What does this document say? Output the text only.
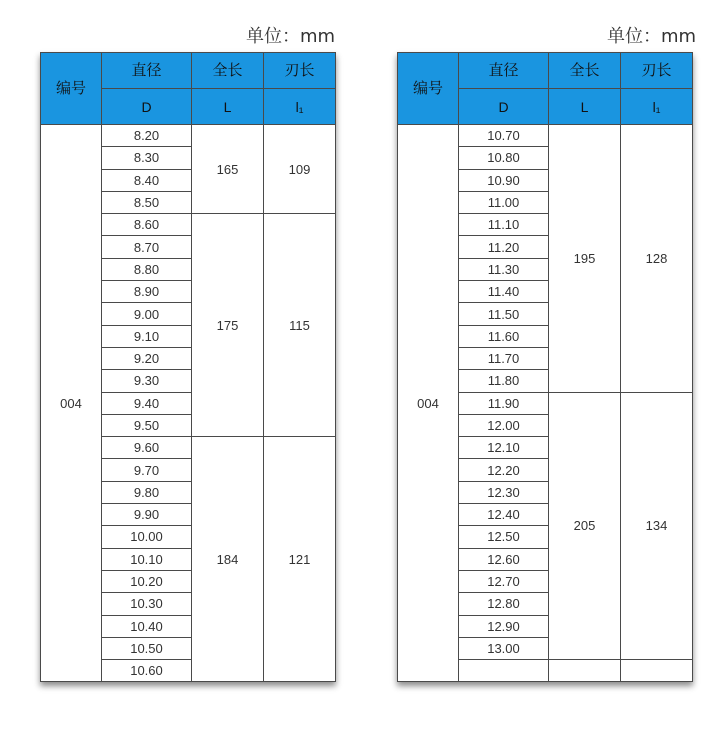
单位：mm	单位：mm
编号	直径	全长	刃长
	D	L	l₁
004	8.20	165	109
	8.30		
	8.40		
	8.50		
	8.60	175	115
	8.70		
	8.80		
	8.90		
	9.00		
	9.10		
	9.20		
	9.30		
	9.40		
	9.50		
	9.60	184	121
	9.70		
	9.80		
	9.90		
	10.00		
	10.10		
	10.20		
	10.30		
	10.40		
	10.50		
	10.60		
编号	直径	全长	刃长
	D	L	l₁
004	10.70	195	128
	10.80		
	10.90		
	11.00		
	11.10		
	11.20		
	11.30		
	11.40		
	11.50		
	11.60		
	11.70		
	11.80		
	11.90	205	134
	12.00		
	12.10		
	12.20		
	12.30		
	12.40		
	12.50		
	12.60		
	12.70		
	12.80		
	12.90		
	13.00		
